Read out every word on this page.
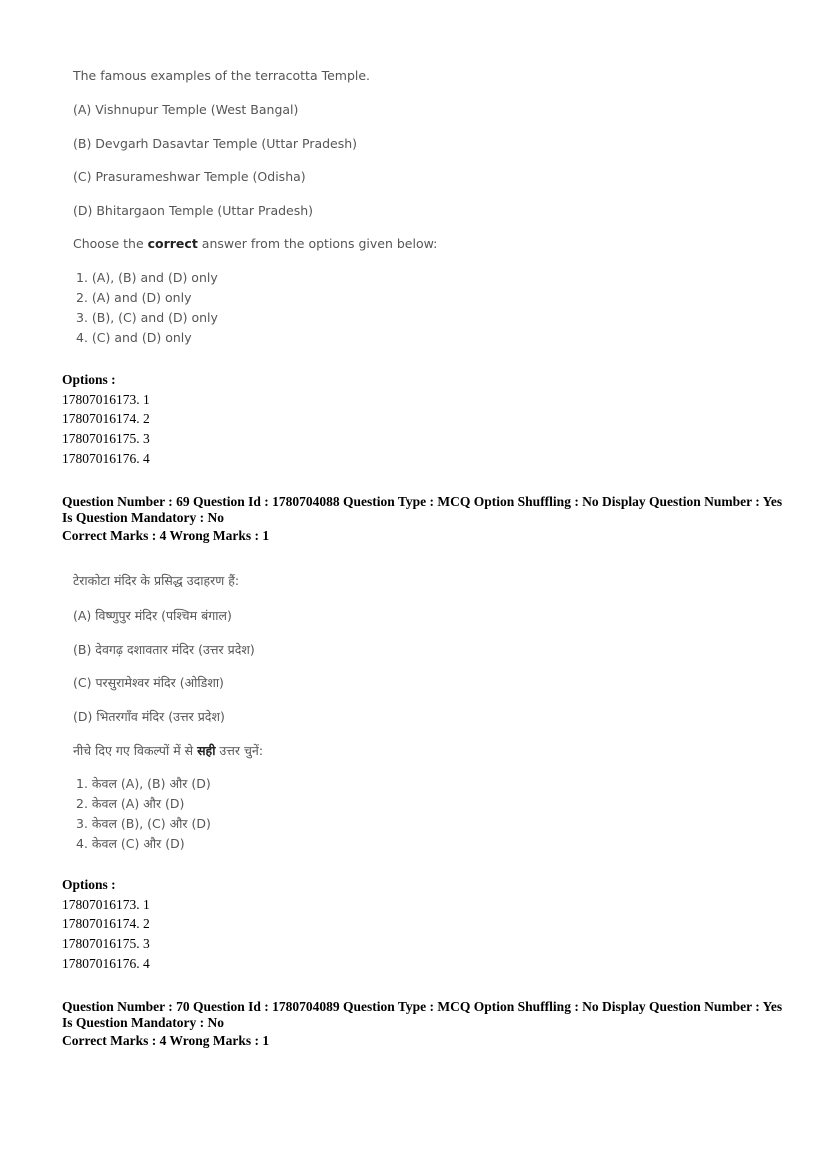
The famous examples of the terracotta Temple.
(A) Vishnupur Temple (West Bangal)
(B) Devgarh Dasavtar Temple (Uttar Pradesh)
(C) Prasurameshwar Temple (Odisha)
(D) Bhitargaon Temple (Uttar Pradesh)
Choose the correct answer from the options given below:
1. (A), (B) and (D) only
2. (A) and (D) only
3. (B), (C) and (D) only
4. (C) and (D) only
Options :
17807016173. 1
17807016174. 2
17807016175. 3
17807016176. 4
Question Number : 69 Question Id : 1780704088 Question Type : MCQ Option Shuffling : No Display Question Number : Yes
Is Question Mandatory : No
Correct Marks : 4 Wrong Marks : 1
टेराकोटा मंदिर के प्रसिद्ध उदाहरण हैं:
(A) विष्णुपुर मंदिर (पश्चिम बंगाल)
(B) देवगढ़ दशावतार मंदिर (उत्तर प्रदेश)
(C) परसुरामेश्वर मंदिर (ओडिशा)
(D) भितरगाँव मंदिर (उत्तर प्रदेश)
नीचे दिए गए विकल्पों में से सही उत्तर चुनें:
1. केवल (A), (B) और (D)
2. केवल (A) और (D)
3. केवल (B), (C) और (D)
4. केवल (C) और (D)
Options :
17807016173. 1
17807016174. 2
17807016175. 3
17807016176. 4
Question Number : 70 Question Id : 1780704089 Question Type : MCQ Option Shuffling : No Display Question Number : Yes
Is Question Mandatory : No
Correct Marks : 4 Wrong Marks : 1
